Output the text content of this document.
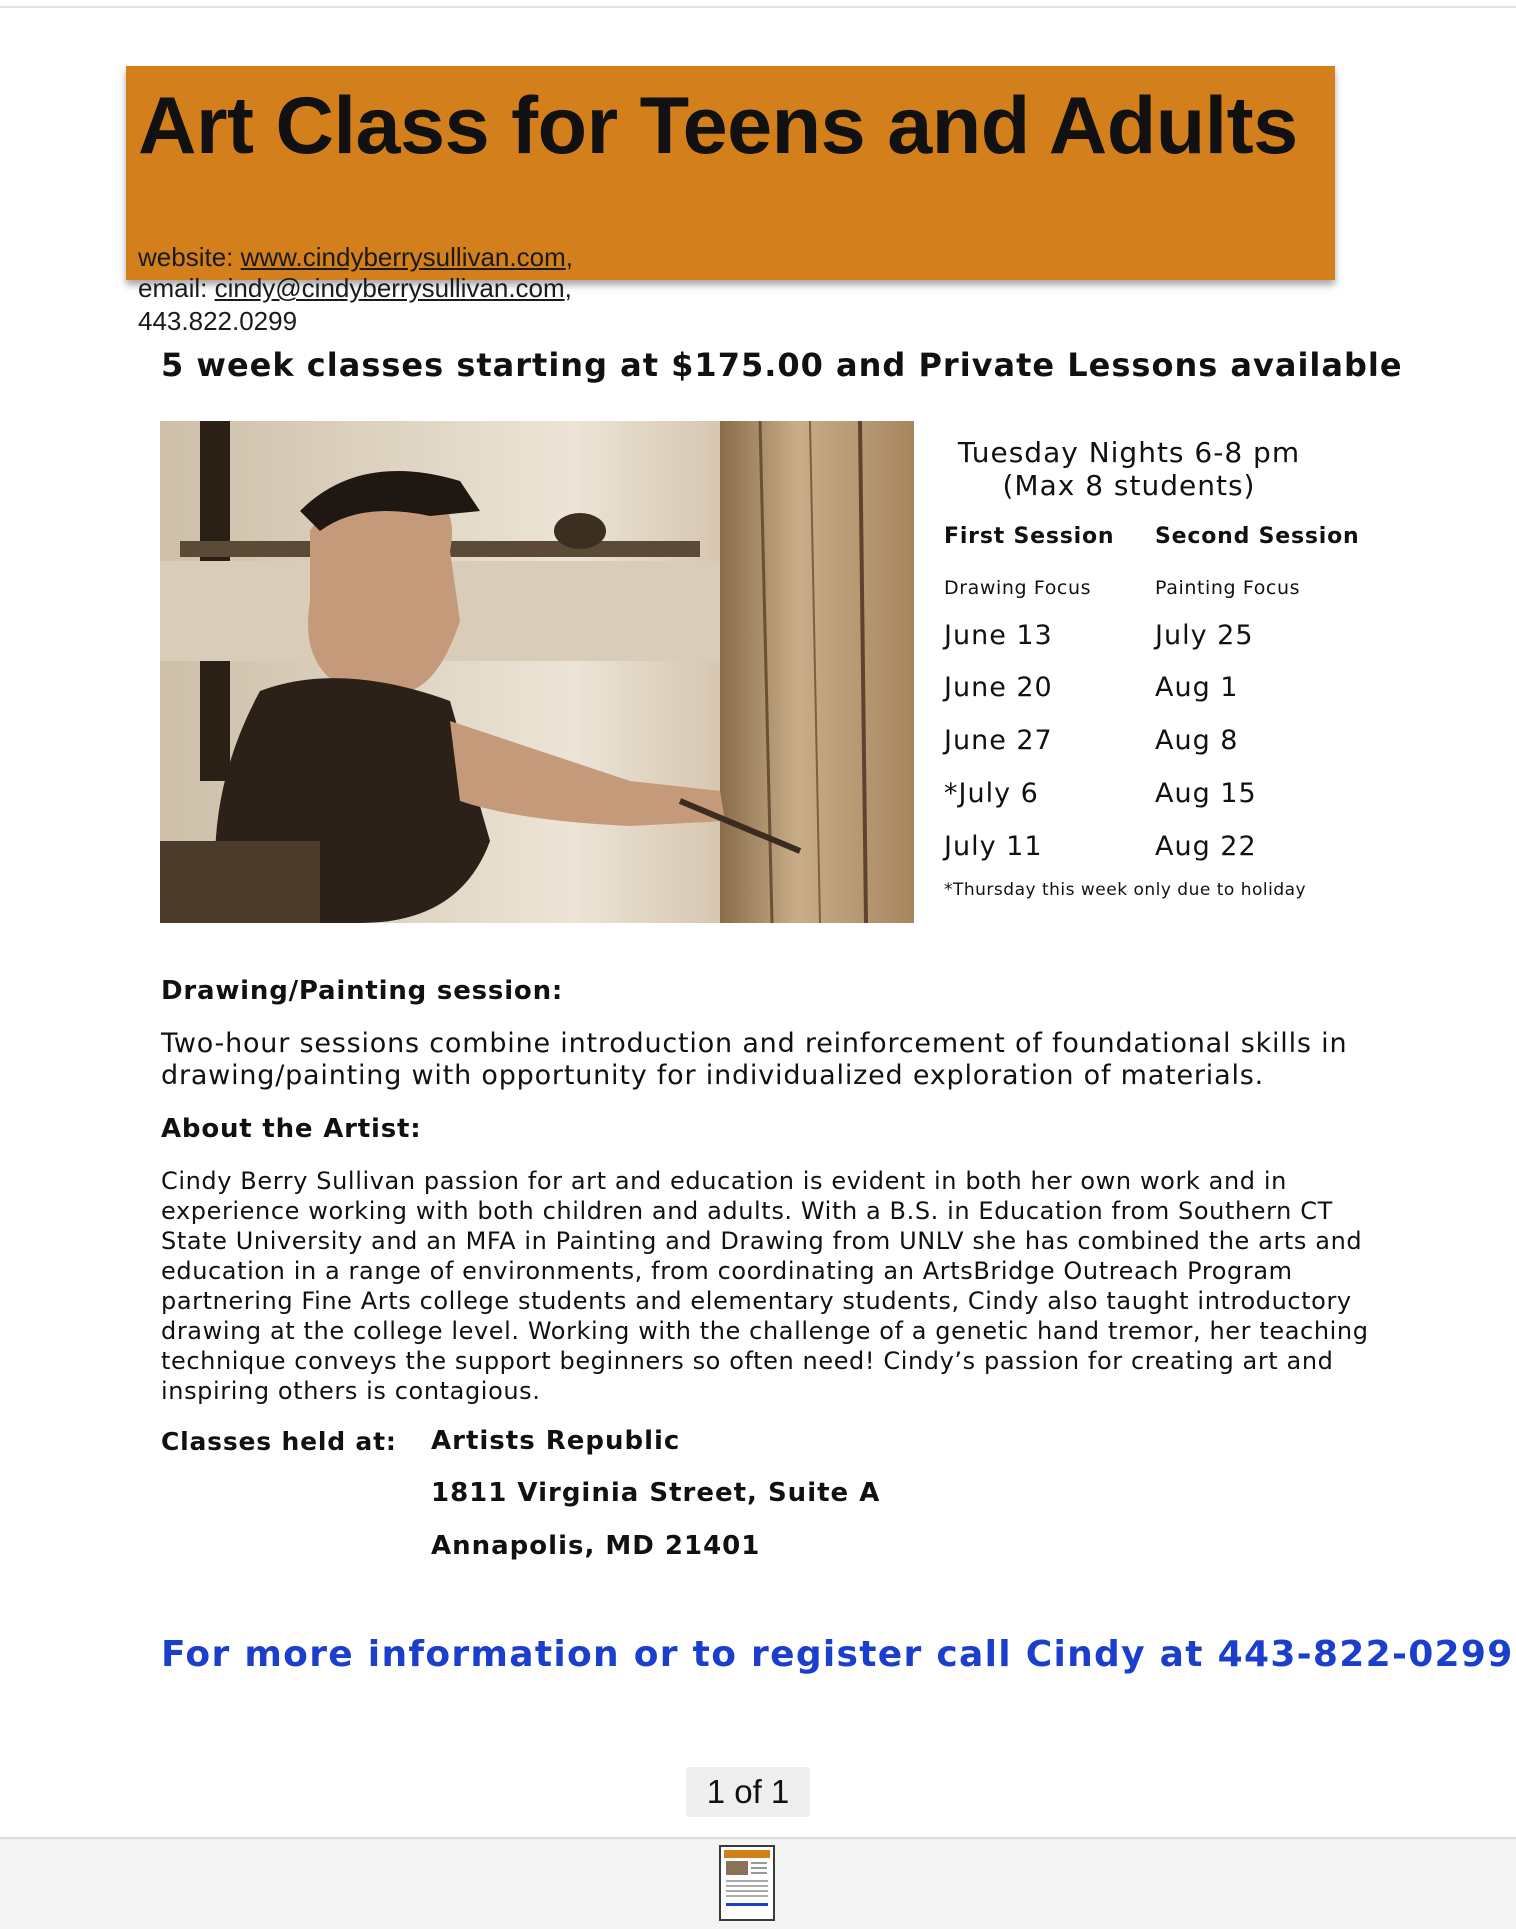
Art Class for Teens and Adults
website: www.cindyberrysullivan.com,
email: cindy@cindyberrysullivan.com,
443.822.0299
5 week classes starting at $175.00 and Private Lessons available
Tuesday Nights 6-8 pm
(Max 8 students)
First Session Second Session
Drawing Focus	Painting Focus
June 13
June 20
June 27
*July 6
July 11
July 25
Aug 1
Aug 8
Aug 15
Aug 22
*Thursday this week only due to holiday
Drawing/Painting session:
Two-hour sessions combine introduction and reinforcement of foundational skills in drawing/painting with opportunity for individualized exploration of materials.
About the Artist:
Cindy Berry Sullivan passion for art and education is evident in both her own work and in experience working with both children and adults. With a B.S. in Education from Southern CT State University and an MFA in Painting and Drawing from UNLV she has combined the arts and education in a range of environments, from coordinating an ArtsBridge Outreach Program partnering Fine Arts college students and elementary students, Cindy also taught introductory drawing at the college level. Working with the challenge of a genetic hand tremor, her teaching technique conveys the support beginners so often need! Cindy’s passion for creating art and inspiring others is contagious.
Classes held at: Artists Republic
1811 Virginia Street, Suite A
Annapolis, MD 21401
For more information or to register call Cindy at 443-822-0299
1 of 1
